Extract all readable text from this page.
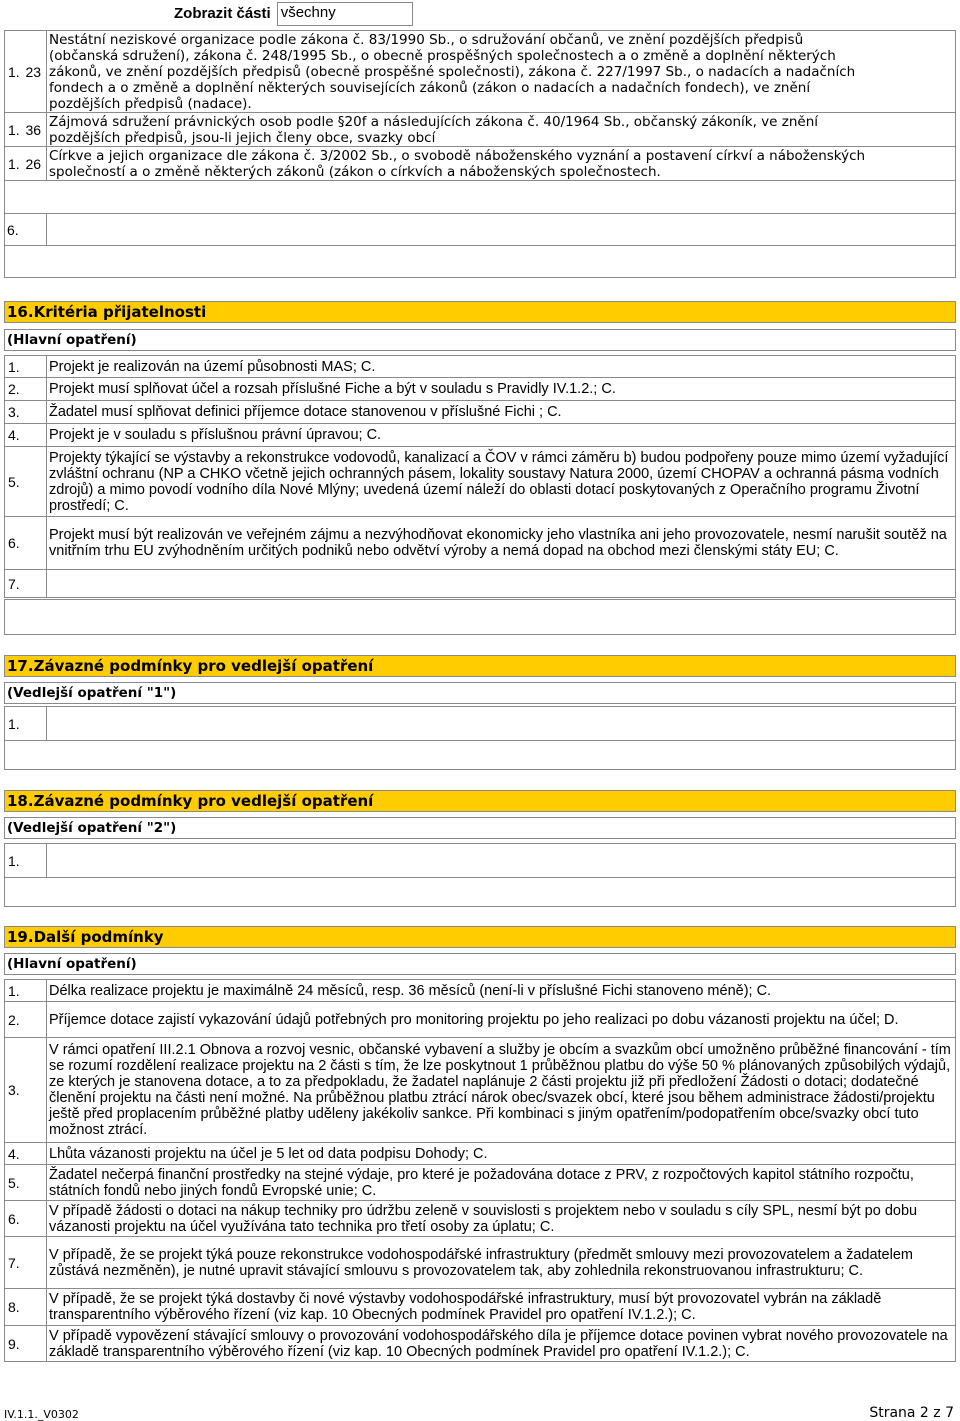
Zobrazit části všechny
1.	23	Nestátní neziskové organizace podle zákona č. 83/1990 Sb., o sdružování občanů, ve znění pozdějších předpisů
(občanská sdružení), zákona č. 248/1995 Sb., o obecně prospěšných společnostech a o změně a doplnění některých
zákonů, ve znění pozdějších předpisů (obecně prospěšné společnosti), zákona č. 227/1997 Sb., o nadacích a nadačních
fondech a o změně a doplnění některých souvisejících zákonů (zákon o nadacích a nadačních fondech), ve znění
pozdějších předpisů (nadace).

1.	36	Zájmová sdružení právnických osob podle §20f a následujících zákona č. 40/1964 Sb., občanský zákoník, ve znění
pozdějších předpisů, jsou-li jejich členy obce, svazky obcí

1.	26	Církve a jejich organizace dle zákona č. 3/2002 Sb., o svobodě náboženského vyznání a postavení církví a náboženských
společností a o změně některých zákonů (zákon o církvích a náboženských společnostech.

6.		

16.Kritéria přijatelnosti
(Hlavní opatření)
1.	Projekt je realizován na území působnosti MAS; C.
2.	Projekt musí splňovat účel a rozsah příslušné Fiche a být v souladu s Pravidly IV.1.2.; C.
3.	Žadatel musí splňovat definici příjemce dotace stanovenou v příslušné Fichi ; C.
4.	Projekt je v souladu s příslušnou právní úpravou; C.
5.	Projekty týkající se výstavby a rekonstrukce vodovodů, kanalizací a ČOV v rámci záměru b) budou podpořeny pouze mimo území vyžadující zvláštní ochranu (NP a CHKO včetně jejich ochranných pásem, lokality soustavy Natura 2000, území CHOPAV a ochranná pásma vodních zdrojů) a mimo povodí vodního díla Nové Mlýny; uvedená území náleží do oblasti dotací poskytovaných z Operačního programu Životní prostředí; C.
6.	Projekt musí být realizován ve veřejném zájmu a nezvýhodňovat ekonomicky jeho vlastníka ani jeho provozovatele, nesmí narušit soutěž na vnitřním trhu EU zvýhodněním určitých podniků nebo odvětví výroby a nemá dopad na obchod mezi členskými státy EU; C.
7.	
17.Závazné podmínky pro vedlejší opatření
(Vedlejší opatření "1")
1.	
18.Závazné podmínky pro vedlejší opatření
(Vedlejší opatření "2")
1.	
19.Další podmínky
(Hlavní opatření)
1.	Délka realizace projektu je maximálně 24 měsíců, resp. 36 měsíců (není-li v příslušné Fichi stanoveno méně); C.
2.	Příjemce dotace zajistí vykazování údajů potřebných pro monitoring projektu po jeho realizaci po dobu vázanosti projektu na účel; D.
3.	V rámci opatření III.2.1 Obnova a rozvoj vesnic, občanské vybavení a služby je obcím a svazkům obcí umožněno průběžné financování - tím se rozumí rozdělení realizace projektu na 2 části s tím, že lze poskytnout 1 průběžnou platbu do výše 50 % plánovaných způsobilých výdajů, ze kterých je stanovena dotace, a to za předpokladu, že žadatel naplánuje 2 části projektu již při předložení Žádosti o dotaci; dodatečné členění projektu na části není možné. Na průběžnou platbu ztrácí nárok obec/svazek obcí, které jsou během administrace žádosti/projektu ještě před proplacením průběžné platby uděleny jakékoliv sankce. Při kombinaci s jiným opatřením/podopatřením obce/svazky obcí tuto možnost ztrácí.
4.	Lhůta vázanosti projektu na účel je 5 let od data podpisu Dohody; C.
5.	Žadatel nečerpá finanční prostředky na stejné výdaje, pro které je požadována dotace z PRV, z rozpočtových kapitol státního rozpočtu, státních fondů nebo jiných fondů Evropské unie; C.
6.	V případě žádosti o dotaci na nákup techniky pro údržbu zeleně v souvislosti s projektem nebo v souladu s cíly SPL, nesmí být po dobu vázanosti projektu na účel využívána tato technika pro třetí osoby za úplatu; C.
7.	V případě, že se projekt týká pouze rekonstrukce vodohospodářské infrastruktury (předmět smlouvy mezi provozovatelem a žadatelem zůstává nezměněn), je nutné upravit stávající smlouvu s provozovatelem tak, aby zohlednila rekonstruovanou infrastrukturu; C.
8.	V případě, že se projekt týká dostavby či nové výstavby vodohospodářské infrastruktury, musí být provozovatel vybrán na základě transparentního výběrového řízení (viz kap. 10 Obecných podmínek Pravidel pro opatření IV.1.2.); C.
9.	V případě vypovězení stávající smlouvy o provozování vodohospodářského díla je příjemce dotace povinen vybrat nového provozovatele na základě transparentního výběrového řízení (viz kap. 10 Obecných podmínek Pravidel pro opatření IV.1.2.); C.
IV.1.1._V0302	Strana 2 z 7
